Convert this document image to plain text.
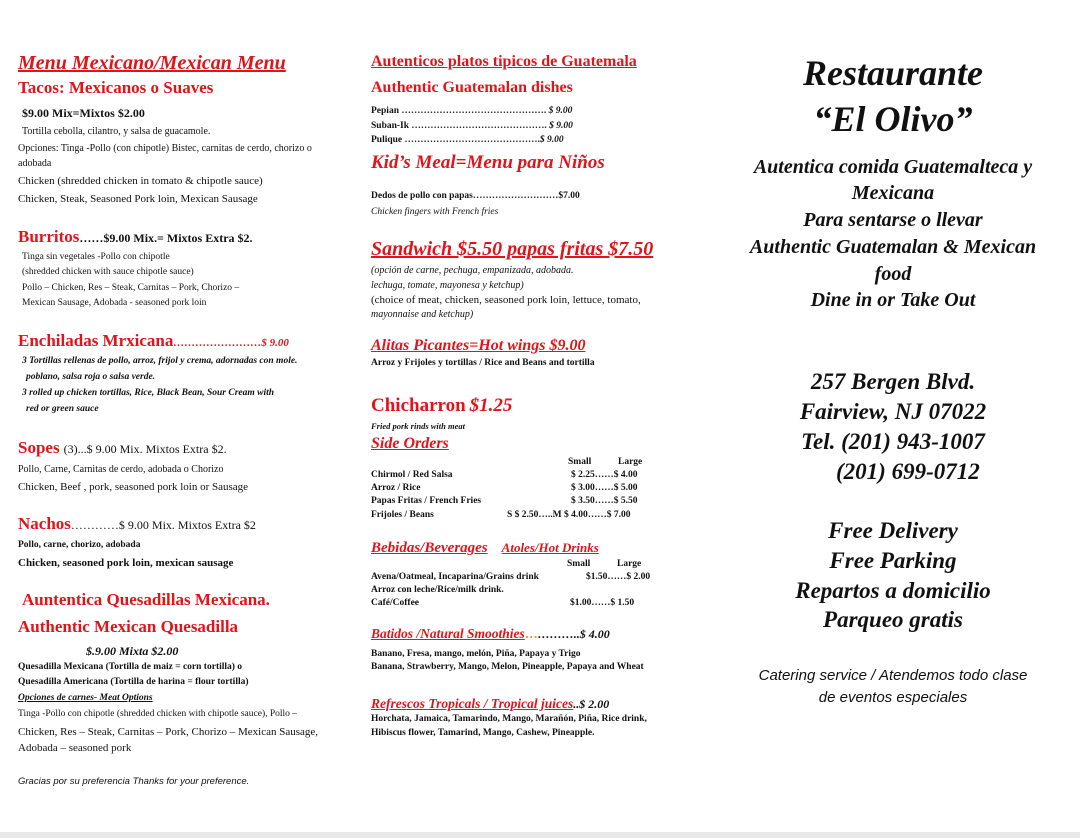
Menu Mexicano/Mexican Menu
Tacos: Mexicanos o Suaves
$9.00 Mix=Mixtos $2.00
Tortilla cebolla, cilantro, y salsa de guacamole.
Opciones: Tinga -Pollo (con chipotle) Bistec, carnitas de cerdo, chorizo o
adobada
Chicken (shredded chicken in tomato & chipotle sauce)
Chicken, Steak, Seasoned Pork loin, Mexican Sausage
Burritos……$9.00 Mix.= Mixtos Extra $2.
Tinga sin vegetales -Pollo con chipotle
(shredded chicken with sauce chipotle sauce)
Pollo – Chicken, Res – Steak, Carnitas – Pork, Chorizo –
Mexican Sausage, Adobada - seasoned pork loin
Enchiladas Mrxicana……………………$ 9.00
3 Tortillas rellenas de pollo, arroz, frijol y crema, adornadas con mole.
poblano, salsa roja o salsa verde.
3 rolled up chicken tortillas, Rice, Black Bean, Sour Cream with
red or green sauce
Sopes (3)...$ 9.00 Mix. Mixtos Extra $2.
Pollo, Carne, Carnitas de cerdo, adobada o Chorizo
Chicken, Beef , pork, seasoned pork loin or Sausage
Nachos…………$ 9.00 Mix. Mixtos Extra $2
Pollo, carne, chorizo, adobada
Chicken, seasoned pork loin, mexican sausage
Auntentica Quesadillas Mexicana.
Authentic Mexican Quesadilla
$.9.00 Mixta $2.00
Quesadilla Mexicana (Tortilla de maiz = corn tortilla) o
Quesadilla Americana (Tortilla de harina = flour tortilla)
Opciones de carnes- Meat Options
Tinga -Pollo con chipotle (shredded chicken with chipotle sauce), Pollo –
Chicken, Res – Steak, Carnitas – Pork, Chorizo – Mexican Sausage,
Adobada – seasoned pork
Gracias por su preferencia Thanks for your preference.
Autenticos platos tipicos de Guatemala
Authentic Guatemalan dishes
Pepian ………………………………………. $ 9.00
Suban-Ik ……………………………………. $ 9.00
Pulique …………………………………….$ 9.00
Kid’s Meal=Menu para Niños
Dedos de pollo con papas………………………$7.00
Chicken fingers with French fries
Sandwich $5.50 papas fritas $7.50
(opción de carne, pechuga, empanizada, adobada.
lechuga, tomate, mayonesa y ketchup)
(choice of meat, chicken, seasoned pork loin, lettuce, tomato,
mayonnaise and ketchup)
Alitas Picantes=Hot wings $9.00
Arroz y Frijoles y tortillas / Rice and Beans and tortilla
Chicharron $1.25
Fried pork rinds with meat
Side Orders
Small	Large
Chirmol / Red Salsa	$ 2.25……$ 4.00
Arroz / Rice	$ 3.00……$ 5.00
Papas Fritas / French Fries	$ 3.50……$ 5.50
Frijoles / Beans	S $ 2.50…..M $ 4.00……$ 7.00
Bebidas/Beverages Atoles/Hot Drinks
Small	Large
Avena/Oatmeal, Incaparina/Grains drink	$1.50……$ 2.00
Arroz con leche/Rice/milk drink.
Café/Coffee	$1.00……$ 1.50
Batidos /Natural Smoothies…………..$ 4.00
Banano, Fresa, mango, melón, Piña, Papaya y Trigo
Banana, Strawberry, Mango, Melon, Pineapple, Papaya and Wheat
Refrescos Tropicals / Tropical juices..$ 2.00
Horchata, Jamaica, Tamarindo, Mango, Marañón, Piña, Rice drink,
Hibiscus flower, Tamarind, Mango, Cashew, Pineapple.
Restaurante
“El Olivo”
Autentica comida Guatemalteca y
Mexicana
Para sentarse o llevar
Authentic Guatemalan & Mexican
food
Dine in or Take Out
257 Bergen Blvd.
Fairview, NJ 07022
Tel. (201) 943-1007
(201) 699-0712
Free Delivery
Free Parking
Repartos a domicilio
Parqueo gratis
Catering service / Atendemos todo clase
de eventos especiales
